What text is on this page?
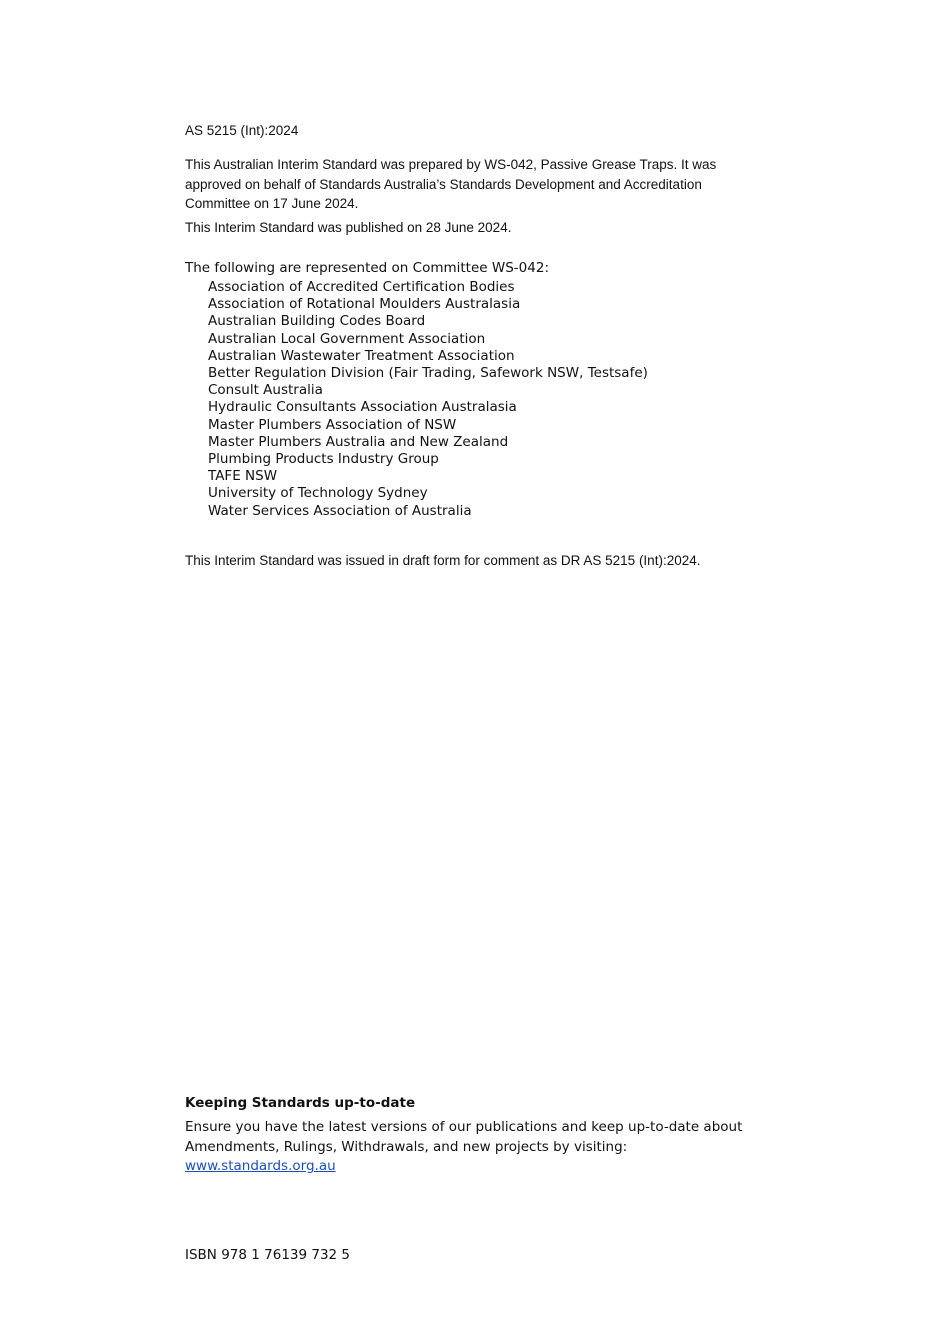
AS 5215 (Int):2024

This Australian Interim Standard was prepared by WS-042, Passive Grease Traps. It was approved on behalf of Standards Australia’s Standards Development and Accreditation Committee on 17 June 2024.

This Interim Standard was published on 28 June 2024.
The following are represented on Committee WS-042:
Association of Accredited Certification Bodies
Association of Rotational Moulders Australasia
Australian Building Codes Board
Australian Local Government Association
Australian Wastewater Treatment Association
Better Regulation Division (Fair Trading, Safework NSW, Testsafe)
Consult Australia
Hydraulic Consultants Association Australasia
Master Plumbers Association of NSW
Master Plumbers Australia and New Zealand
Plumbing Products Industry Group
TAFE NSW
University of Technology Sydney
Water Services Association of Australia
This Interim Standard was issued in draft form for comment as DR AS 5215 (Int):2024.
Keeping Standards up-to-date

Ensure you have the latest versions of our publications and keep up-to-date about Amendments, Rulings, Withdrawals, and new projects by visiting:

www.standards.org.au
ISBN 978 1 76139 732 5
